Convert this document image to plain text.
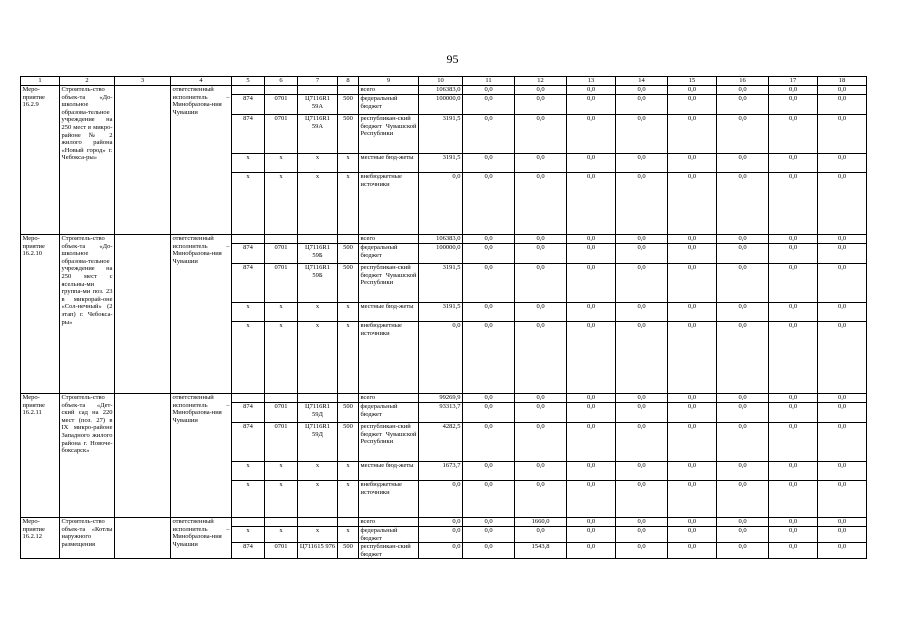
95
1	2	3	4	5	6	7	8	9	10	11	12	13	14	15	16	17	18
Меро-приятие 16.2.9	Строитель-ство объек-та «До-школьное образова-тельное учреждение на 250 мест в микро-районе № 2 жилого района «Новый город» г. Чебокса-ры»		ответственный исполнитель – Минобразова-ния Чувашии					всего	106383,0	0,0	0,0	0,0	0,0	0,0	0,0	0,0	0,0
				874	0701	Ц7116R1 59А	500	федеральный бюджет	100000,0	0,0	0,0	0,0	0,0	0,0	0,0	0,0	0,0
				874	0701	Ц7116R1 59А	500	республикан-ский бюджет Чувашской Республики	3191,5	0,0	0,0	0,0	0,0	0,0	0,0	0,0	0,0
				x	x	x	x	местные бюд-жеты	3191,5	0,0	0,0	0,0	0,0	0,0	0,0	0,0	0,0
				x	x	x	x	внебюджетные источники	0,0	0,0	0,0	0,0	0,0	0,0	0,0	0,0	0,0
Меро-приятие 16.2.10	Строитель-ство объек-та «До-школьное образова-тельное учреждение на 250 мест с ясельны-ми группа-ми поз. 23 в микрорай-оне «Сол-нечный» (2 этап) г. Чебокса-ры»		ответственный исполнитель – Минобразова-ния Чувашии					всего	106383,0	0,0	0,0	0,0	0,0	0,0	0,0	0,0	0,0
				874	0701	Ц7116R1 59Б	500	федеральный бюджет	100000,0	0,0	0,0	0,0	0,0	0,0	0,0	0,0	0,0
				874	0701	Ц7116R1 59Б	500	республикан-ский бюджет Чувашской Республики	3191,5	0,0	0,0	0,0	0,0	0,0	0,0	0,0	0,0
				x	x	x	x	местные бюд-жеты	3191,5	0,0	0,0	0,0	0,0	0,0	0,0	0,0	0,0
				x	x	x	x	внебюджетные источники	0,0	0,0	0,0	0,0	0,0	0,0	0,0	0,0	0,0
Меро-приятие 16.2.11	Строитель-ство объек-та «Дет-ский сад на 220 мест (поз. 27) в IX микро-районе Западного жилого района г. Новоче-боксарск»		ответственный исполнитель – Минобразова-ния Чувашии					всего	99269,9	0,0	0,0	0,0	0,0	0,0	0,0	0,0	0,0
				874	0701	Ц7116R1 59Д	500	федеральный бюджет	93313,7	0,0	0,0	0,0	0,0	0,0	0,0	0,0	0,0
				874	0701	Ц7116R1 59Д	500	республикан-ский бюджет Чувашской Республики	4282,5	0,0	0,0	0,0	0,0	0,0	0,0	0,0	0,0
				x	x	x	x	местные бюд-жеты	1673,7	0,0	0,0	0,0	0,0	0,0	0,0	0,0	0,0
				x	x	x	x	внебюджетные источники	0,0	0,0	0,0	0,0	0,0	0,0	0,0	0,0	0,0
Меро-приятие 16.2.12	Строитель-ство объек-та «Котлы наружного размещения		ответственный исполнитель – Минобразова-ния Чувашии					всего	0,0	0,0	1660,0	0,0	0,0	0,0	0,0	0,0	0,0
				x	x	x	x	федеральный бюджет	0,0	0,0	0,0	0,0	0,0	0,0	0,0	0,0	0,0
				874	0701	Ц711615 976	500	республикан-ский бюджет	0,0	0,0	1543,8	0,0	0,0	0,0	0,0	0,0	0,0
